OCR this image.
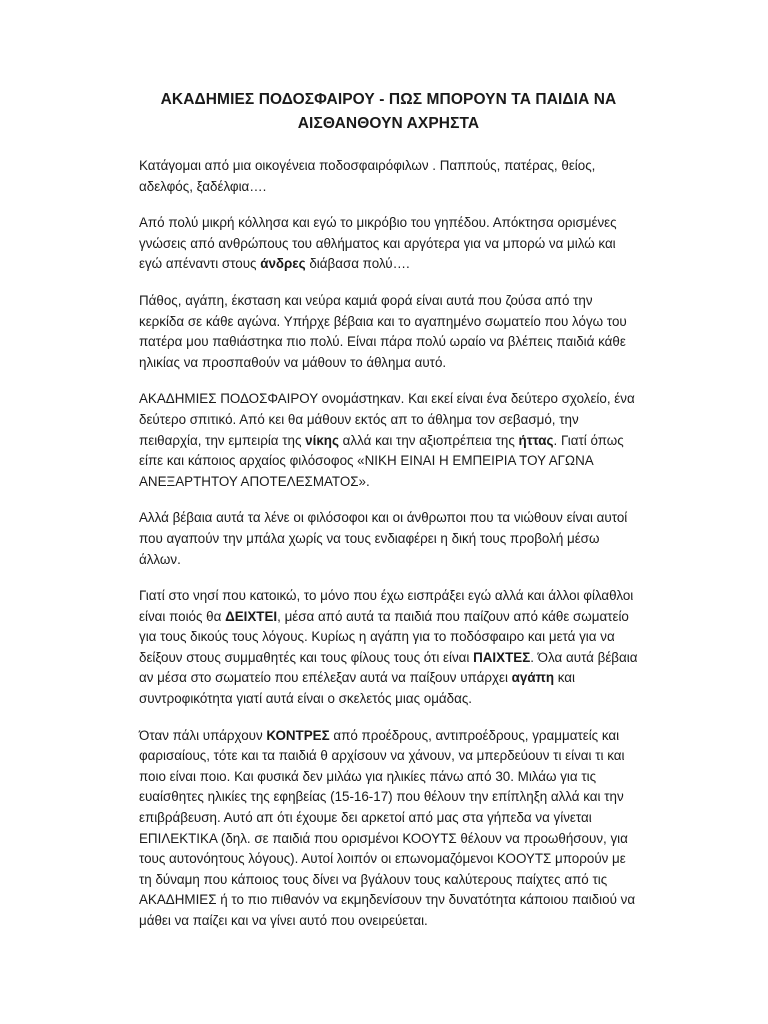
ΑΚΑΔΗΜΙΕΣ ΠΟΔΟΣΦΑΙΡΟΥ - ΠΩΣ ΜΠΟΡΟΥΝ ΤΑ ΠΑΙΔΙΑ ΝΑ ΑΙΣΘΑΝΘΟΥΝ ΑΧΡΗΣΤΑ

Κατάγομαι από μια οικογένεια ποδοσφαιρόφιλων . Παππούς, πατέρας, θείος, αδελφός, ξαδέλφια….

Από πολύ μικρή κόλλησα και εγώ το μικρόβιο του γηπέδου. Απόκτησα ορισμένες γνώσεις από ανθρώπους του αθλήματος και αργότερα για να μπορώ να μιλώ και εγώ απέναντι στους άνδρες διάβασα πολύ….

Πάθος, αγάπη, έκσταση και νεύρα καμιά φορά είναι αυτά που ζούσα από την κερκίδα σε κάθε αγώνα. Υπήρχε βέβαια και το αγαπημένο σωματείο που λόγω του πατέρα μου παθιάστηκα πιο πολύ. Είναι πάρα πολύ ωραίο να βλέπεις παιδιά κάθε ηλικίας να προσπαθούν να μάθουν το άθλημα αυτό.

ΑΚΑΔΗΜΙΕΣ ΠΟΔΟΣΦΑΙΡΟΥ ονομάστηκαν. Και εκεί είναι ένα δεύτερο σχολείο, ένα δεύτερο σπιτικό. Από κει θα μάθουν εκτός απ το άθλημα τον σεβασμό, την πειθαρχία, την εμπειρία της νίκης αλλά και την αξιοπρέπεια της ήττας. Γιατί όπως είπε και κάποιος αρχαίος φιλόσοφος «ΝΙΚΗ ΕΙΝΑΙ Η ΕΜΠΕΙΡΙΑ ΤΟΥ ΑΓΩΝΑ ΑΝΕΞΑΡΤΗΤΟΥ ΑΠΟΤΕΛΕΣΜΑΤΟΣ».

Αλλά βέβαια αυτά τα λένε οι φιλόσοφοι και οι άνθρωποι που τα νιώθουν είναι αυτοί που αγαπούν την μπάλα χωρίς να τους ενδιαφέρει η δική τους προβολή μέσω άλλων.

Γιατί στο νησί που κατοικώ, το μόνο που έχω εισπράξει εγώ αλλά και άλλοι φίλαθλοι είναι ποιός θα ΔΕΙΧΤΕΙ, μέσα από αυτά τα παιδιά που παίζουν από κάθε σωματείο για τους δικούς τους λόγους. Κυρίως η αγάπη για το ποδόσφαιρο και μετά για να δείξουν στους συμμαθητές και τους φίλους τους ότι είναι ΠΑΙΧΤΕΣ. Όλα αυτά βέβαια αν μέσα στο σωματείο που επέλεξαν αυτά να παίξουν υπάρχει αγάπη και συντροφικότητα γιατί αυτά είναι ο σκελετός μιας ομάδας.

Όταν πάλι υπάρχουν ΚΟΝΤΡΕΣ από προέδρους, αντιπροέδρους, γραμματείς και φαρισαίους, τότε και τα παιδιά θ αρχίσουν να χάνουν, να μπερδεύουν τι είναι τι και ποιο είναι ποιο. Και φυσικά δεν μιλάω για ηλικίες πάνω από 30. Μιλάω για τις ευαίσθητες ηλικίες της εφηβείας (15-16-17) που θέλουν την επίπληξη αλλά και την επιβράβευση. Αυτό απ ότι έχουμε δει αρκετοί από μας στα γήπεδα να γίνεται ΕΠΙΛΕΚΤΙΚΑ (δηλ. σε παιδιά που ορισμένοι ΚΟΟΥΤΣ θέλουν να προωθήσουν, για τους αυτονόητους λόγους). Αυτοί λοιπόν οι επωνομαζόμενοι ΚΟΟΥΤΣ μπορούν με τη δύναμη που κάποιος τους δίνει να βγάλουν τους καλύτερους παίχτες από τις ΑΚΑΔΗΜΙΕΣ ή το πιο πιθανόν να εκμηδενίσουν την δυνατότητα κάποιου παιδιού να μάθει να παίζει και να γίνει αυτό που ονειρεύεται.
